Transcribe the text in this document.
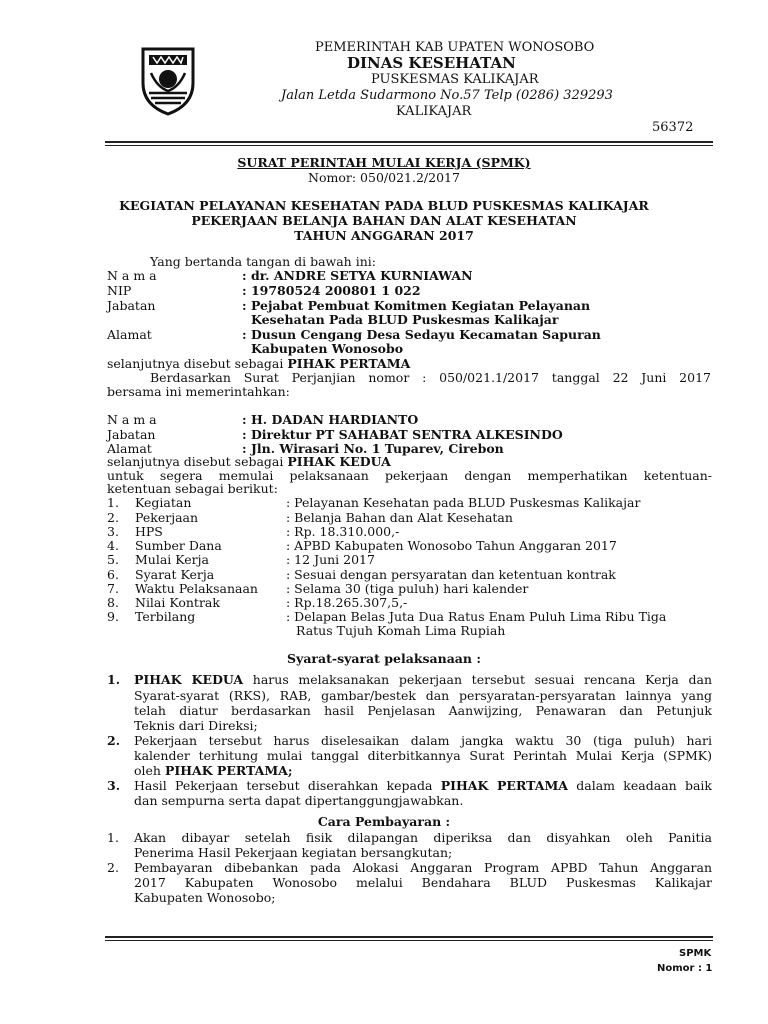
PEMERINTAH KAB UPATEN WONOSOBO
DINAS KESEHATAN
PUSKESMAS KALIKAJAR
Jalan Letda Sudarmono No.57 Telp (0286) 329293
KALIKAJAR
56372
SURAT PERINTAH MULAI KERJA (SPMK)
Nomor: 050/021.2/2017
KEGIATAN PELAYANAN KESEHATAN PADA BLUD PUSKESMAS KALIKAJAR
PEKERJAAN BELANJA BAHAN DAN ALAT KESEHATAN
TAHUN ANGGARAN 2017
Yang bertanda tangan di bawah ini:
N a m a	: dr. ANDRE SETYA KURNIAWAN
NIP	: 19780524 200801 1 022
Jabatan	: Pejabat Pembuat Komitmen Kegiatan Pelayanan
Kesehatan Pada BLUD Puskesmas Kalikajar
Alamat	: Dusun Cengang Desa Sedayu Kecamatan Sapuran
Kabupaten Wonosobo
selanjutnya disebut sebagai PIHAK PERTAMA
Berdasarkan Surat Perjanjian nomor : 050/021.1/2017 tanggal 22 Juni 2017
bersama ini memerintahkan:
N a m a	: H. DADAN HARDIANTO
Jabatan	: Direktur PT SAHABAT SENTRA ALKESINDO
Alamat	: Jln. Wirasari No. 1 Tuparev, Cirebon
selanjutnya disebut sebagai PIHAK KEDUA
untuk segera memulai pelaksanaan pekerjaan dengan memperhatikan ketentuan-
ketentuan sebagai berikut:
1. Kegiatan	: Pelayanan Kesehatan pada BLUD Puskesmas Kalikajar
2. Pekerjaan	: Belanja Bahan dan Alat Kesehatan
3. HPS	: Rp. 18.310.000,-
4. Sumber Dana	: APBD Kabupaten Wonosobo Tahun Anggaran 2017
5. Mulai Kerja	: 12 Juni 2017
6. Syarat Kerja	: Sesuai dengan persyaratan dan ketentuan kontrak
7. Waktu Pelaksanaan : Selama 30 (tiga puluh) hari kalender
8. Nilai Kontrak	: Rp.18.265.307,5,-
9. Terbilang	: Delapan Belas Juta Dua Ratus Enam Puluh Lima Ribu Tiga
Ratus Tujuh Komah Lima Rupiah
Syarat-syarat pelaksanaan :
1. PIHAK KEDUA harus melaksanakan pekerjaan tersebut sesuai rencana Kerja dan
Syarat-syarat (RKS), RAB, gambar/bestek dan persyaratan-persyaratan lainnya yang
telah diatur berdasarkan hasil Penjelasan Aanwijzing, Penawaran dan Petunjuk
Teknis dari Direksi;
2. Pekerjaan tersebut harus diselesaikan dalam jangka waktu 30 (tiga puluh) hari
kalender terhitung mulai tanggal diterbitkannya Surat Perintah Mulai Kerja (SPMK)
oleh PIHAK PERTAMA;
3. Hasil Pekerjaan tersebut diserahkan kepada PIHAK PERTAMA dalam keadaan baik
dan sempurna serta dapat dipertanggungjawabkan.
Cara Pembayaran :
1. Akan dibayar setelah fisik dilapangan diperiksa dan disyahkan oleh Panitia
Penerima Hasil Pekerjaan kegiatan bersangkutan;
2. Pembayaran dibebankan pada Alokasi Anggaran Program APBD Tahun Anggaran
2017 Kabupaten Wonosobo melalui Bendahara BLUD Puskesmas Kalikajar
Kabupaten Wonosobo;
SPMK
Nomor : 1
